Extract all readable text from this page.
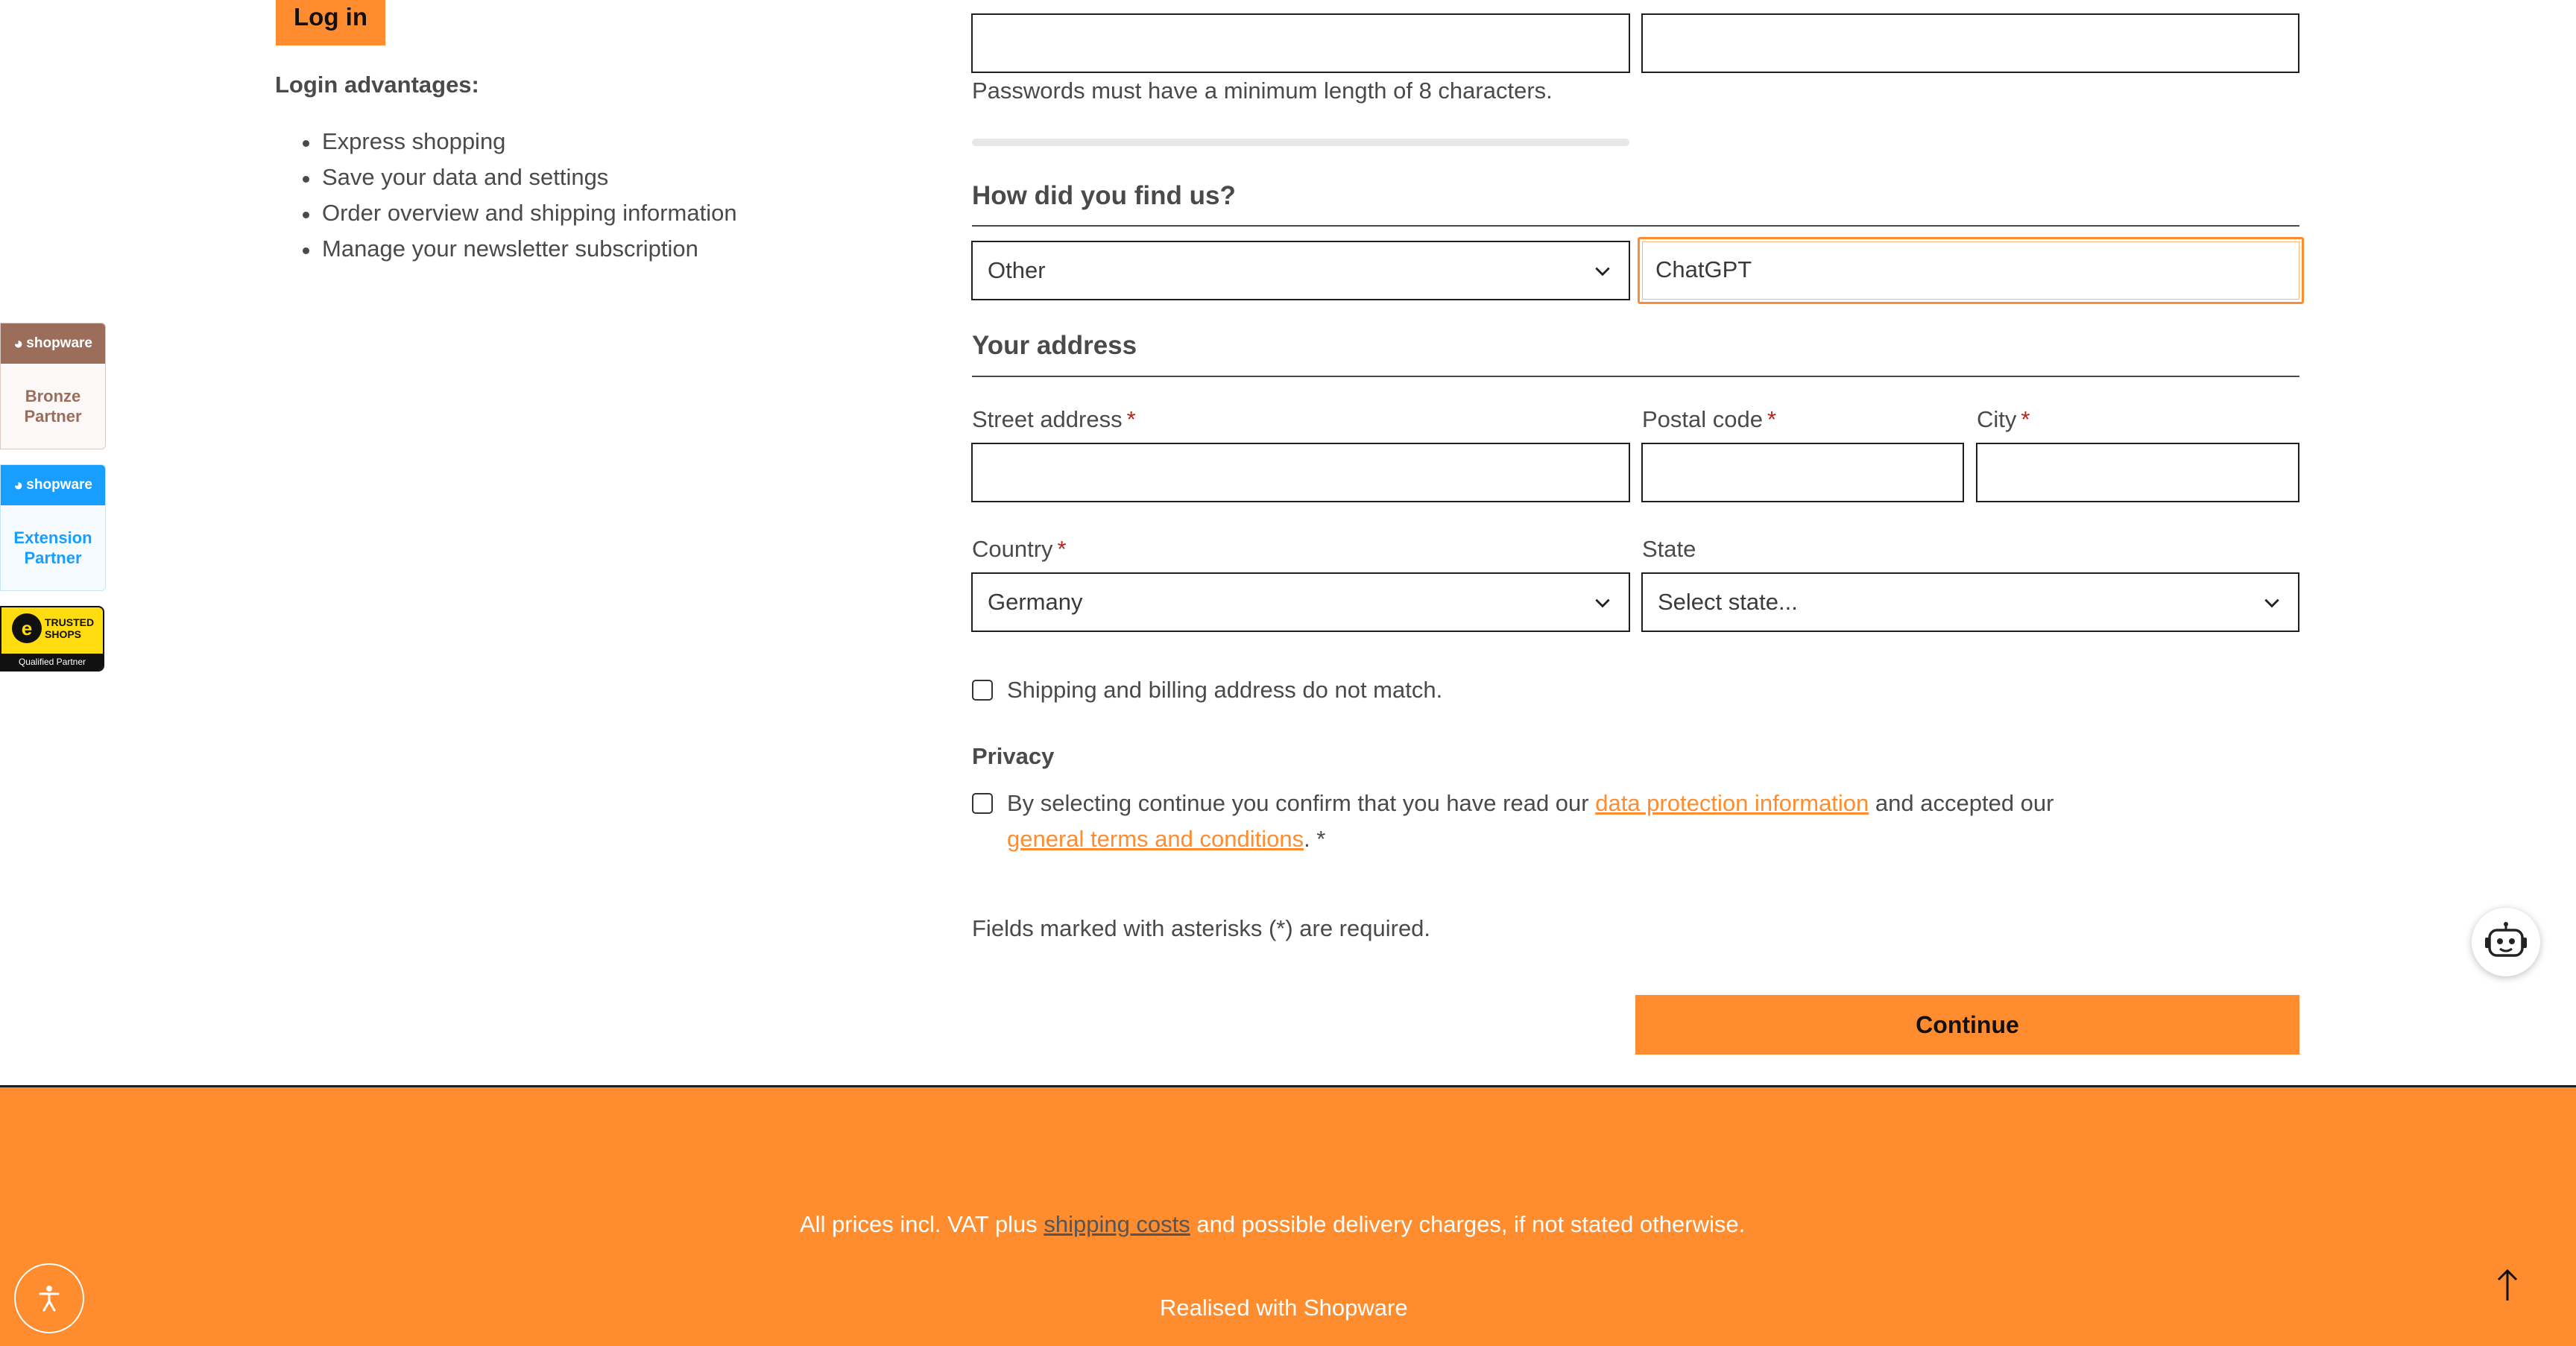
Log in
Login advantages:
Express shopping
Save your data and settings
Order overview and shipping information
Manage your newsletter subscription
◕ shopware
Bronze
Partner
◕ shopware
Extension
Partner
e	TRUSTED SHOPS
Qualified Partner
Passwords must have a minimum length of 8 characters.
How did you find us?
Other	ChatGPT
Your address
Street address *	Postal code *	City *
Country *	State
Germany	Select state...
Shipping and billing address do not match.
Privacy
By selecting continue you confirm that you have read our data protection information and accepted our
general terms and conditions. *
Fields marked with asterisks (*) are required.
Continue
All prices incl. VAT plus shipping costs and possible delivery charges, if not stated otherwise.
Realised with Shopware
